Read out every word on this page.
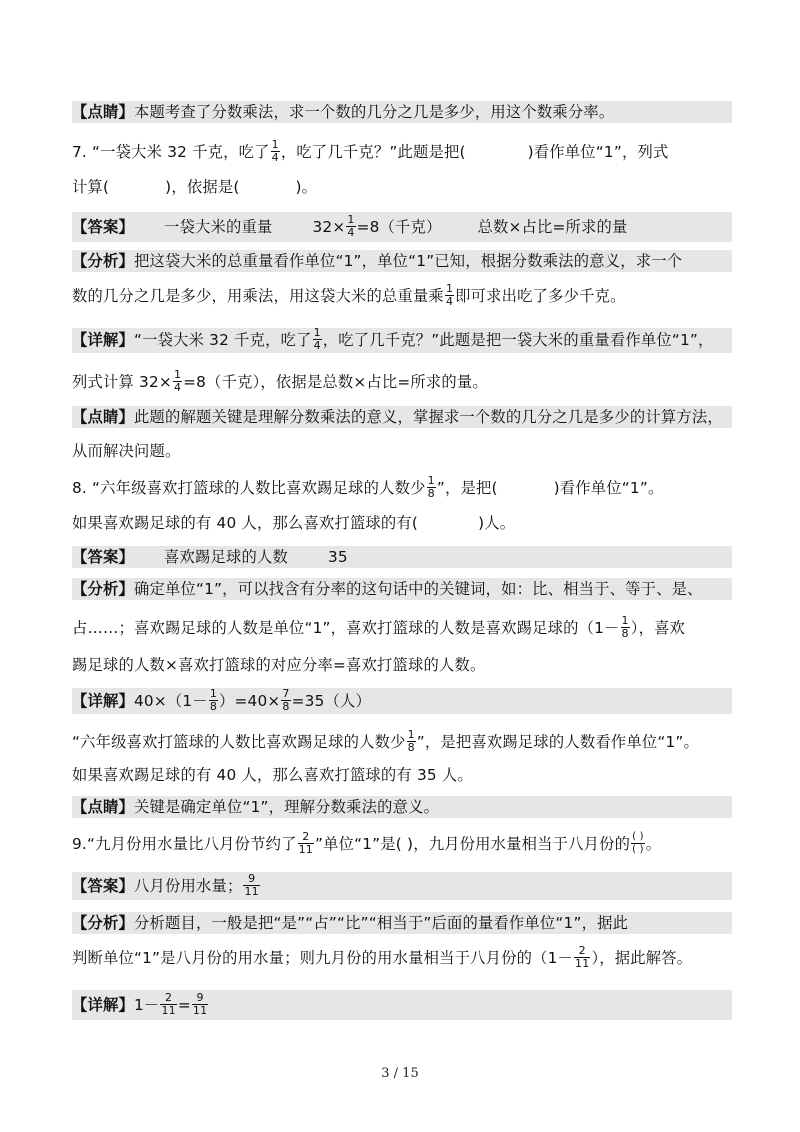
【点睛】本题考查了分数乘法，求一个数的几分之几是多少，用这个数乘分率。
7. “一袋大米 32 千克，吃了 $\frac{1}{4}$ ，吃了几千克？”此题是把(	)看作单位“1”，列式
计算(	)，依据是(	)。
【答案】 一袋大米的重量	$32\times \frac{1}{4} =8$（千克） 总数×占比=所求的量
【分析】把这袋大米的总重量看作单位“1”，单位“1”已知，根据分数乘法的意义，求一个
数的几分之几是多少，用乘法，用这袋大米的总重量乘 $\frac{1}{4}$ 即可求出吃了多少千克。
【详解】“一袋大米 32 千克，吃了 $\frac{1}{4}$ ，吃了几千克？”此题是把一袋大米的重量看作单位“1”，
列式计算 $32\times \frac{1}{4} =8$（千克），依据是总数×占比=所求的量。
【点睛】此题的解题关键是理解分数乘法的意义，掌握求一个数的几分之几是多少的计算方法，
从而解决问题。
8. “六年级喜欢打篮球的人数比喜欢踢足球的人数少 $\frac{1}{8}$ ”，是把(	)看作单位“1”。
如果喜欢踢足球的有 40 人，那么喜欢打篮球的有(	)人。
【答案】 喜欢踢足球的人数	35
【分析】确定单位“1”，可以找含有分率的这句话中的关键词，如：比、相当于、等于、是、
占……；喜欢踢足球的人数是单位“1”，喜欢打篮球的人数是喜欢踢足球的（$1- \frac{1}{8}$ ），喜欢
踢足球的人数×喜欢打篮球的对应分率=喜欢打篮球的人数。
【详解】$40\times(1- \frac{1}{8} )=40\times \frac{7}{8} =35$（人）
“六年级喜欢打篮球的人数比喜欢踢足球的人数少 $\frac{1}{8}$ ”，是把喜欢踢足球的人数看作单位“1”。
如果喜欢踢足球的有 40 人，那么喜欢打篮球的有 35 人。
【点睛】关键是确定单位“1”，理解分数乘法的意义。
9.“九月份用水量比八月份节约了 $\frac{2}{11}$ ”单位“1”是( )，九月份用水量相当于八月份的 $\frac{( )}{( )}$ 。
【答案】八月份用水量； $\frac{9}{11}$
【分析】分析题目，一般是把“是”“占”“比”“相当于”后面的量看作单位“1”，据此
判断单位“1”是八月份的用水量；则九月份的用水量相当于八月份的（$1- \frac{2}{11}$ ），据此解答。
【详解】$1- \frac{2}{11} = \frac{9}{11}$
3 / 15
